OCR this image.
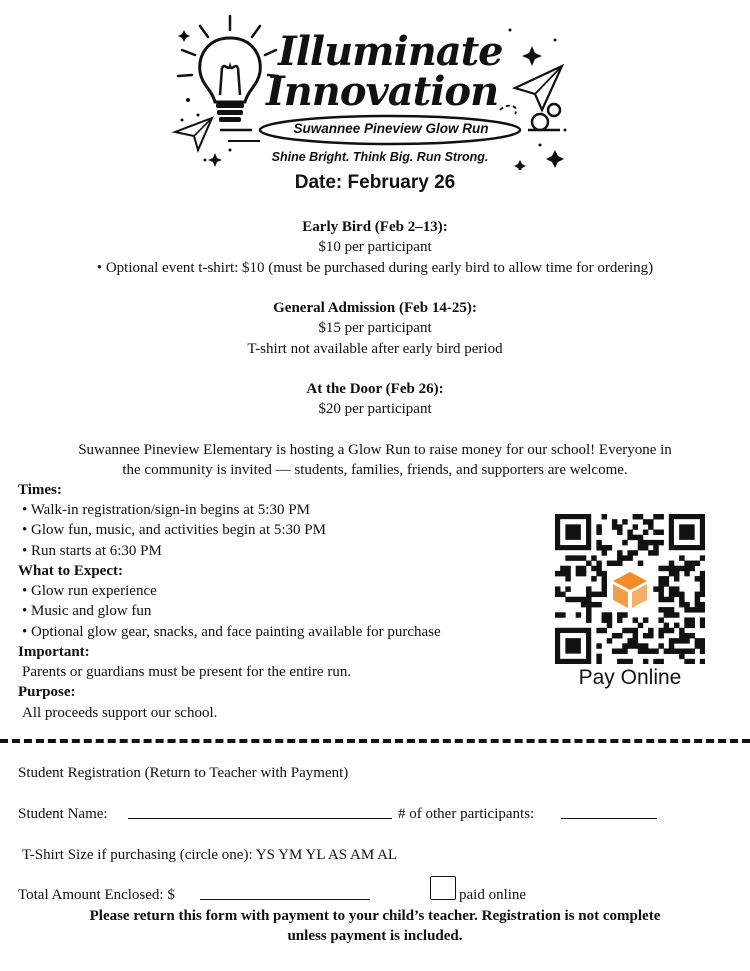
Illuminate
Innovation
Suwannee Pineview Glow Run
Shine Bright. Think Big. Run Strong.
Date: February 26
Early Bird (Feb 2–13):
$10 per participant
• Optional event t-shirt: $10 (must be purchased during early bird to allow time for ordering)
General Admission (Feb 14-25):
$15 per participant
T-shirt not available after early bird period
At the Door (Feb 26):
$20 per participant
Suwannee Pineview Elementary is hosting a Glow Run to raise money for our school! Everyone in
the community is invited — students, families, friends, and supporters are welcome.
Times:
• Walk-in registration/sign-in begins at 5:30 PM
• Glow fun, music, and activities begin at 5:30 PM
• Run starts at 6:30 PM
What to Expect:
• Glow run experience
• Music and glow fun
• Optional glow gear, snacks, and face painting available for purchase
Important:
Parents or guardians must be present for the entire run.
Purpose:
All proceeds support our school.
Pay Online
Student Registration (Return to Teacher with Payment)
Student Name:	# of other participants:
T-Shirt Size if purchasing (circle one): YS YM YL AS AM AL
Total Amount Enclosed: $	paid online
Please return this form with payment to your child’s teacher. Registration is not complete
unless payment is included.
